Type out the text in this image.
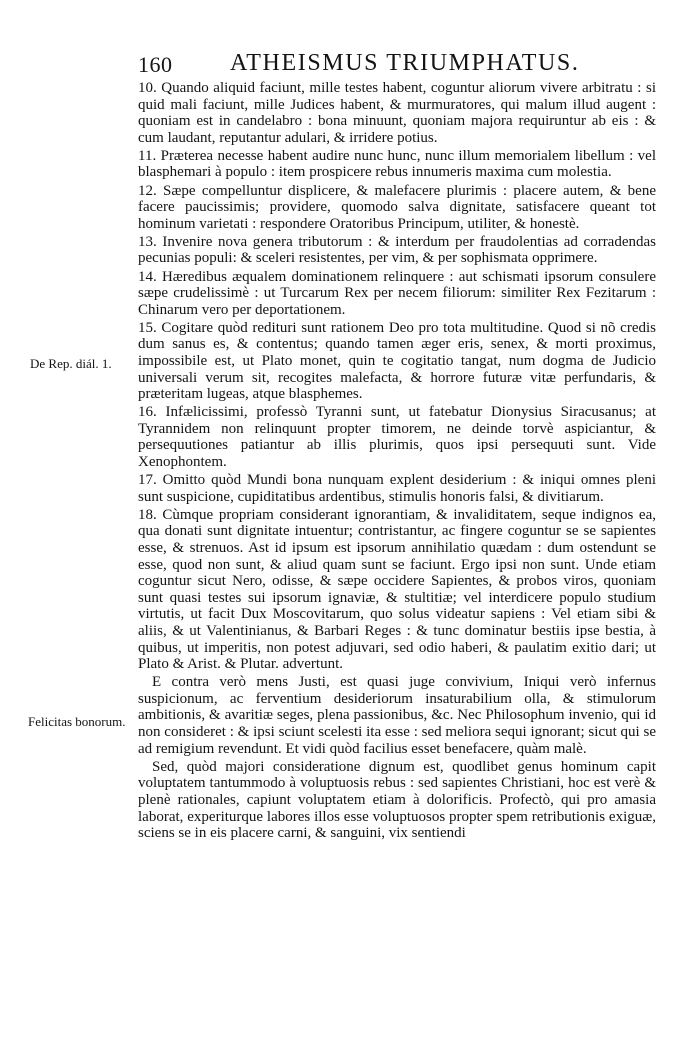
160 ATHEISMUS TRIUMPHATUS.
De Rep. diál. 1.
Felicitas bonorum.

10. Quando aliquid faciunt, mille testes habent, coguntur aliorum vivere arbitratu : si quid mali faciunt, mille Judices habent, & murmuratores, qui malum illud augent : quoniam est in candelabro : bona minuunt, quoniam majora requiruntur ab eis : & cum laudant, reputantur adulari, & irridere potius.

11. Præterea necesse habent audire nunc hunc, nunc illum memorialem libellum : vel blasphemari à populo : item prospicere rebus innumeris maxima cum molestia.

12. Sæpe compelluntur displicere, & malefacere plurimis : placere autem, & bene facere paucissimis; providere, quomodo salva dignitate, satisfacere queant tot hominum varietati : respondere Oratoribus Principum, utiliter, & honestè.

13. Invenire nova genera tributorum : & interdum per fraudolentias ad corradendas pecunias populi: & sceleri resistentes, per vim, & per sophismata opprimere.

14. Hæredibus æqualem dominationem relinquere : aut schismati ipsorum consulere sæpe crudelissimè : ut Turcarum Rex per necem filiorum: similiter Rex Fezitarum : Chinarum vero per deportationem.

15. Cogitare quòd redituri sunt rationem Deo pro tota multitudine. Quod si nõ credis dum sanus es, & contentus; quando tamen æger eris, senex, & morti proximus, impossibile est, ut Plato monet, quin te cogitatio tangat, num dogma de Judicio universali verum sit, recogites malefacta, & horrore futuræ vitæ perfundaris, & præteritam lugeas, atque blasphemes.

16. Infælicissimi, professò Tyranni sunt, ut fatebatur Dionysius Siracusanus; at Tyrannidem non relinquunt propter timorem, ne deinde torvè aspiciantur, & persequutiones patiantur ab illis plurimis, quos ipsi persequuti sunt. Vide Xenophontem.

17. Omitto quòd Mundi bona nunquam explent desiderium : & iniqui omnes pleni sunt suspicione, cupiditatibus ardentibus, stimulis honoris falsi, & divitiarum.

18. Cùmque propriam considerant ignorantiam, & invaliditatem, seque indignos ea, qua donati sunt dignitate intuentur; contristantur, ac fingere coguntur se se sapientes esse, & strenuos. Ast id ipsum est ipsorum annihilatio quædam : dum ostendunt se esse, quod non sunt, & aliud quam sunt se faciunt. Ergo ipsi non sunt. Unde etiam coguntur sicut Nero, odisse, & sæpe occidere Sapientes, & probos viros, quoniam sunt quasi testes sui ipsorum ignaviæ, & stultitiæ; vel interdicere populo studium virtutis, ut facit Dux Moscovitarum, quo solus videatur sapiens : Vel etiam sibi & aliis, & ut Valentinianus, & Barbari Reges : & tunc dominatur bestiis ipse bestia, à quibus, ut imperitis, non potest adjuvari, sed odio haberi, & paulatim exitio dari; ut Plato & Arist. & Plutar. advertunt.

E contra verò mens Justi, est quasi juge convivium, Iniqui verò infernus suspicionum, ac ferventium desideriorum insaturabilium olla, & stimulorum ambitionis, & avaritiæ seges, plena passionibus, &c. Nec Philosophum invenio, qui id non consideret : & ipsi sciunt scelesti ita esse : sed meliora sequi ignorant; sicut qui se ad remigium revendunt. Et vidi quòd facilius esset benefacere, quàm malè.

Sed, quòd majori consideratione dignum est, quodlibet genus hominum capit voluptatem tantummodo à voluptuosis rebus : sed sapientes Christiani, hoc est verè & plenè rationales, capiunt voluptatem etiam à dolorificis. Profectò, qui pro amasia laborat, experiturque labores illos esse voluptuosos propter spem retributionis exiguæ, sciens se in eis placere carni, & sanguini, vix sentiendi
